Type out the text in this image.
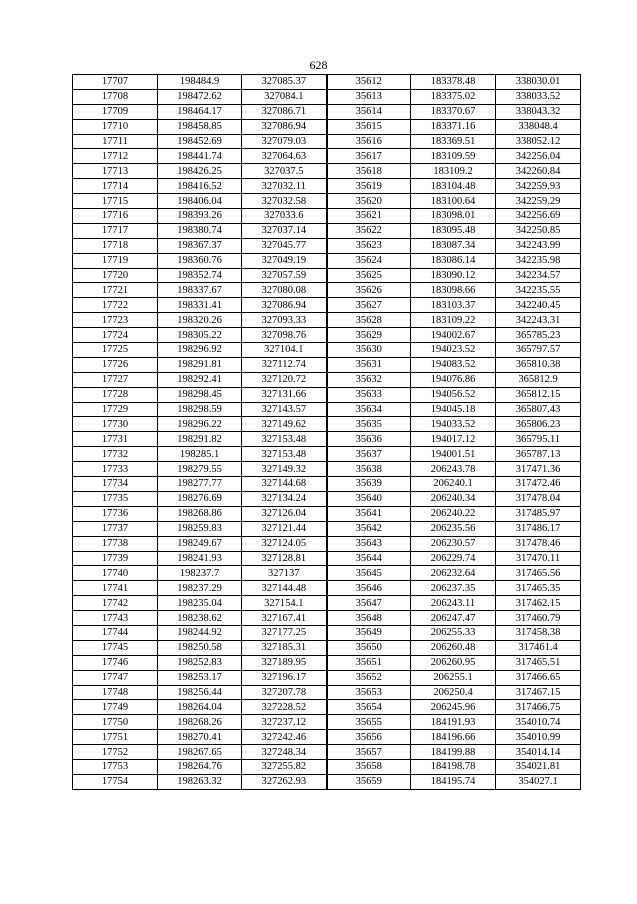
628
17707	198484.9	327085.37	35612	183378.48	338030.01
17708	198472.62	327084.1	35613	183375.02	338033.52
17709	198464.17	327086.71	35614	183370.67	338043.32
17710	198458.85	327086.94	35615	183371.16	338048.4
17711	198452.69	327079.03	35616	183369.51	338052.12
17712	198441.74	327064.63	35617	183109.59	342256.04
17713	198426.25	327037.5	35618	183109.2	342260.84
17714	198416.52	327032.11	35619	183104.48	342259.93
17715	198406.04	327032.58	35620	183100.64	342259.29
17716	198393.26	327033.6	35621	183098.01	342256.69
17717	198380.74	327037.14	35622	183095.48	342250.85
17718	198367.37	327045.77	35623	183087.34	342243.99
17719	198360.76	327049.19	35624	183086.14	342235.98
17720	198352.74	327057.59	35625	183090.12	342234.57
17721	198337.67	327080.08	35626	183098.66	342235.55
17722	198331.41	327086.94	35627	183103.37	342240.45
17723	198320.26	327093.33	35628	183109.22	342243.31
17724	198305.22	327098.76	35629	194002.67	365785.23
17725	198296.92	327104.1	35630	194023.52	365797.57
17726	198291.81	327112.74	35631	194083.52	365810.38
17727	198292.41	327120.72	35632	194076.86	365812.9
17728	198298.45	327131.66	35633	194056.52	365812.15
17729	198298.59	327143.57	35634	194045.18	365807.43
17730	198296.22	327149.62	35635	194033.52	365806.23
17731	198291.82	327153.48	35636	194017.12	365795.11
17732	198285.1	327153.48	35637	194001.51	365787.13
17733	198279.55	327149.32	35638	206243.78	317471.36
17734	198277.77	327144.68	35639	206240.1	317472.46
17735	198276.69	327134.24	35640	206240.34	317478.04
17736	198268.86	327126.04	35641	206240.22	317485.97
17737	198259.83	327121.44	35642	206235.56	317486.17
17738	198249.67	327124.05	35643	206230.57	317478.46
17739	198241.93	327128.81	35644	206229.74	317470.11
17740	198237.7	327137	35645	206232.64	317465.56
17741	198237.29	327144.48	35646	206237.35	317465.35
17742	198235.04	327154.1	35647	206243.11	317462.15
17743	198238.62	327167.41	35648	206247.47	317460.79
17744	198244.92	327177.25	35649	206255.33	317458.38
17745	198250.58	327185.31	35650	206260.48	317461.4
17746	198252.83	327189.95	35651	206260.95	317465.51
17747	198253.17	327196.17	35652	206255.1	317466.65
17748	198256.44	327207.78	35653	206250.4	317467.15
17749	198264.04	327228.52	35654	206245.96	317466.75
17750	198268.26	327237.12	35655	184191.93	354010.74
17751	198270.41	327242.46	35656	184196.66	354010.99
17752	198267.65	327248.34	35657	184199.88	354014.14
17753	198264.76	327255.82	35658	184198.78	354021.81
17754	198263.32	327262.93	35659	184195.74	354027.1
